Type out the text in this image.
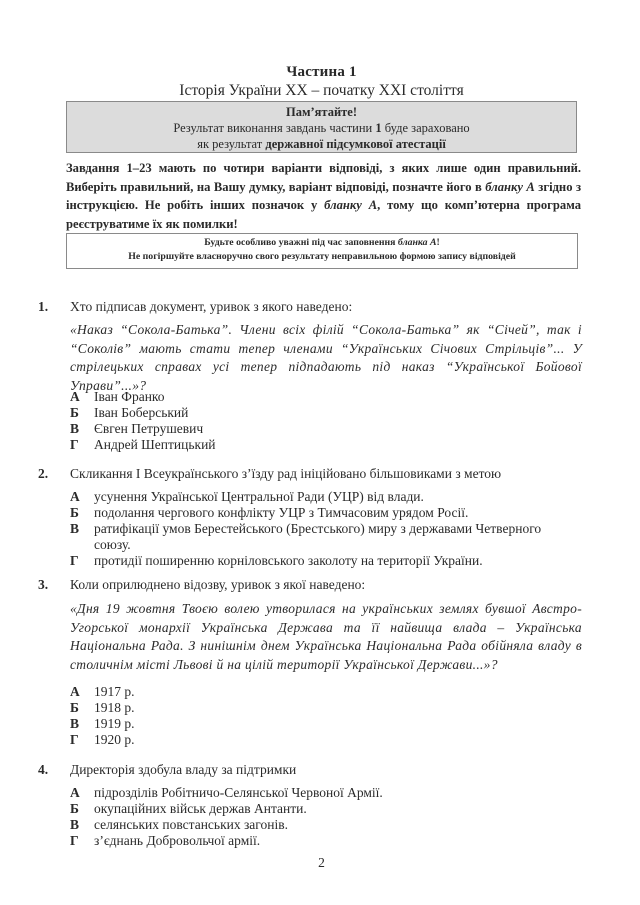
Частина 1
Історія України ХХ – початку ХХІ століття
Пам’ятайте!
Результат виконання завдань частини 1 буде зараховано
як результат державної підсумкової атестації
Завдання 1–23 мають по чотири варіанти відповіді, з яких лише один правильний. Виберіть правильний, на Вашу думку, варіант відповіді, позначте його в бланку А згідно з інструкцією. Не робіть інших позначок у бланку А, тому що комп’ютерна програма реєструватиме їх як помилки!
Будьте особливо уважні під час заповнення бланка А!
Не погіршуйте власноручно свого результату неправильною формою запису відповідей
1. Хто підписав документ, уривок з якого наведено:
«Наказ “Сокола-Батька”. Члени всіх філій “Сокола-Батька” як “Січей”, так і “Соколів” мають стати тепер членами “Українських Січових Стрільців”... У стрілецьких справах усі тепер підпадають під наказ “Української Бойової Управи”...»?
А	Іван Франко
Б	Іван Боберський
В	Євген Петрушевич
Г	Андрей Шептицький
2. Скликання І Всеукраїнського з’їзду рад ініційовано більшовиками з метою
А	усунення Української Центральної Ради (УЦР) від влади.
Б	подолання чергового конфлікту УЦР з Тимчасовим урядом Росії.
В	ратифікації умов Берестейського (Брестського) миру з державами Четверного союзу.
Г	протидії поширенню корніловського заколоту на території України.
3. Коли оприлюднено відозву, уривок з якої наведено:
«Дня 19 жовтня Твоєю волею утворилася на українських землях бувшої Австро-Угорської монархії Українська Держава та її найвища влада – Українська Національна Рада. З нинішнім днем Українська Національна Рада обійняла владу в столичнім місті Львові й на цілій території Української Держави...»?
А	1917 р.
Б	1918 р.
В	1919 р.
Г	1920 р.
4. Директорія здобула владу за підтримки
А	підрозділів Робітничо-Селянської Червоної Армії.
Б	окупаційних військ держав Антанти.
В	селянських повстанських загонів.
Г	з’єднань Добровольчої армії.
2
